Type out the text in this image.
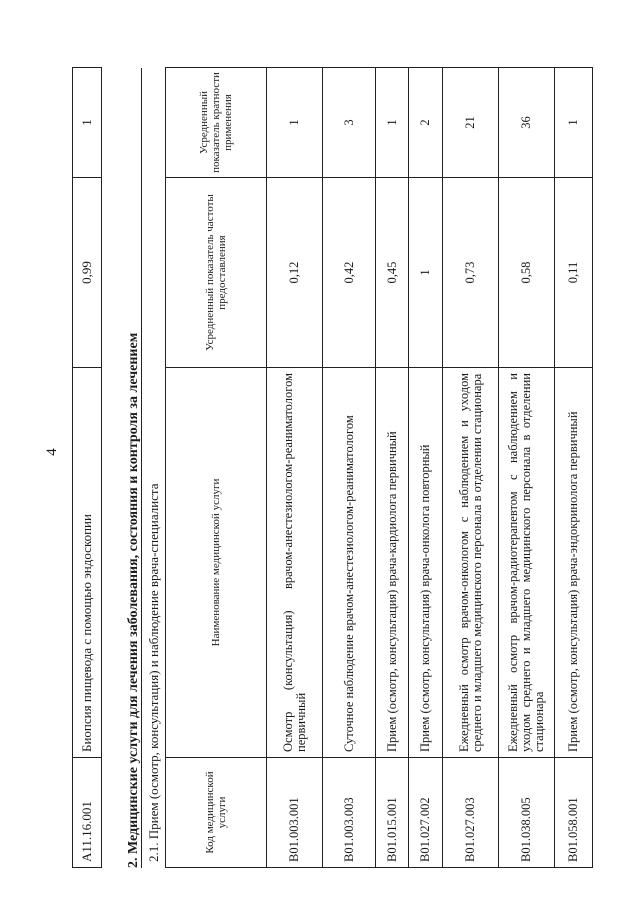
4
A11.16.001	Биопсия пищевода с помощью эндоскопии	0,99	1
2. Медицинские услуги для лечения заболевания, состояния и контроля за лечением 2.1. Прием (осмотр, консультация) и наблюдение врача-специалиста	Код медицинской услуги	Наименование медицинской услуги	Усредненный показатель частоты предоставления	Усредненный показатель кратности применения
B01.003.001	Осмотр (консультация) врачом-анестезиологом-реаниматологом первичный	0,12	1
B01.003.003	Суточное наблюдение врачом-анестезиологом-реаниматологом	0,42	3
B01.015.001	Прием (осмотр, консультация) врача-кардиолога первичный	0,45	1
B01.027.002	Прием (осмотр, консультация) врача-онколога повторный	1	2
B01.027.003	Ежедневный осмотр врачом-онкологом с наблюдением и уходом среднего и младшего медицинского персонала в отделении стационара	0,73	21
B01.038.005	Ежедневный осмотр врачом-радиотерапевтом с наблюдением и уходом среднего и младшего медицинского персонала в отделении стационара	0,58	36
B01.058.001	Прием (осмотр, консультация) врача-эндокринолога первичный	0,11	1
